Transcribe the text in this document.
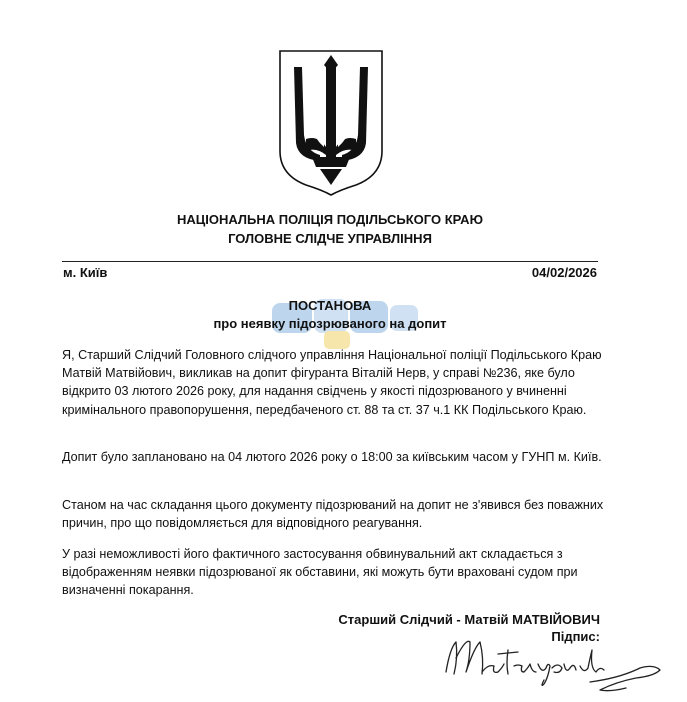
НАЦІОНАЛЬНА ПОЛІЦІЯ ПОДІЛЬСЬКОГО КРАЮ
ГОЛОВНЕ СЛІДЧЕ УПРАВЛІННЯ
м. Київ	04/02/2026
ПОСТАНОВА
про неявку підозрюваного на допит

Я, Старший Слідчий Головного слідчого управління Національної поліції Подільського Краю Матвій Матвійович, викликав на допит фігуранта Віталій Нерв, у справі №236, яке було відкрито 03 лютого 2026 року, для надання свідчень у якості підозрюваного у вчиненні кримінального правопорушення, передбаченого ст. 88 та ст. 37 ч.1 КК Подільського Краю.

Допит було заплановано на 04 лютого 2026 року о 18:00 за київським часом у ГУНП м. Київ.

Станом на час складання цього документу підозрюваний на допит не з'явився без поважних причин, про що повідомляється для відповідного реагування.

У разі неможливості його фактичного застосування обвинувальний акт складається з відображенням неявки підозрюваної як обставини, які можуть бути враховані судом при визначенні покарання.

Старший Слідчий - Матвій МАТВІЙОВИЧ
Підпис:
